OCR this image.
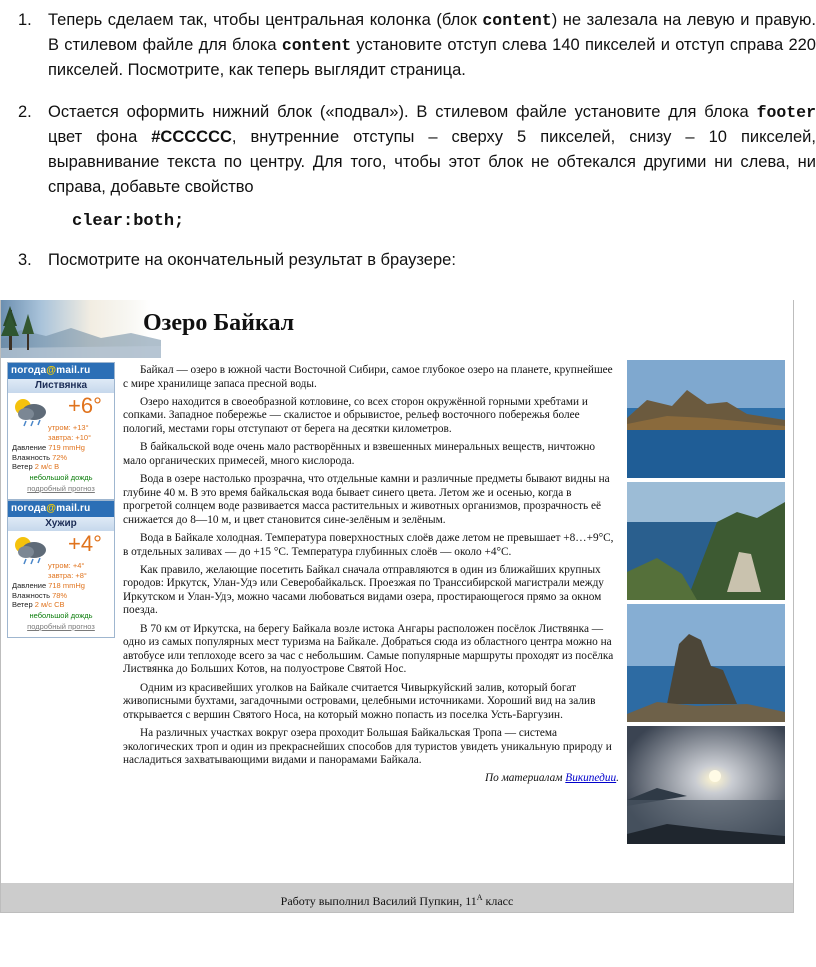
1. Теперь сделаем так, чтобы центральная колонка (блок content) не залезала на левую и правую. В стилевом файле для блока content установите отступ слева 140 пикселей и отступ справа 220 пикселей. Посмотрите, как теперь выглядит страница.
2. Остается оформить нижний блок («подвал»). В стилевом файле установите для блока footer цвет фона #CCCCCC, внутренние отступы – сверху 5 пикселей, снизу – 10 пикселей, выравнивание текста по центру. Для того, чтобы этот блок не обтекался другими ни слева, ни справа, добавьте свойство
clear:both;
3. Посмотрите на окончательный результат в браузере:
Озеро Байкал
погода@mail.ru
Листвянка
+6°
утром: +13°
завтра: +10°
Давление 719 mmHg
Влажность 72%
Ветер 2 м/с В
небольшой дождь
подробный прогноз
погода@mail.ru
Хужир
+4°
утром: +4°
завтра: +8°
Давление 718 mmHg
Влажность 78%
Ветер 2 м/с СВ
небольшой дождь
подробный прогноз

Байкал — озеро в южной части Восточной Сибири, самое глубокое озеро на планете, крупнейшее с мире хранилище запаса пресной воды.

Озеро находится в своеобразной котловине, со всех сторон окружённой горными хребтами и сопками. Западное побережье — скалистое и обрывистое, рельеф восточного побережья более пологий, местами горы отступают от берега на десятки километров.

В байкальской воде очень мало растворённых и взвешенных минеральных веществ, ничтожно мало органических примесей, много кислорода.

Вода в озере настолько прозрачна, что отдельные камни и различные предметы бывают видны на глубине 40 м. В это время байкальская вода бывает синего цвета. Летом же и осенью, когда в прогретой солнцем воде развивается масса растительных и животных организмов, прозрачность её снижается до 8—10 м, и цвет становится сине-зелёным и зелёным.

Вода в Байкале холодная. Температура поверхностных слоёв даже летом не превышает +8…+9°С, в отдельных заливах — до +15 °С. Температура глубинных слоёв — около +4°С.

Как правило, желающие посетить Байкал сначала отправляются в один из ближайших крупных городов: Иркутск, Улан-Удэ или Северобайкальск. Проезжая по Транссибирской магистрали между Иркутском и Улан-Удэ, можно часами любоваться видами озера, простирающегося прямо за окном поезда.

В 70 км от Иркутска, на берегу Байкала возле истока Ангары расположен посёлок Листвянка — одно из самых популярных мест туризма на Байкале. Добраться сюда из областного центра можно на автобусе или теплоходе всего за час с небольшим. Самые популярные маршруты проходят из посёлка Листвянка до Больших Котов, на полуострове Святой Нос.

Одним из красивейших уголков на Байкале считается Чивыркуйский залив, который богат живописными бухтами, загадочными островами, целебными источниками. Хороший вид на залив открывается с вершин Святого Носа, на который можно попасть из поселка Усть-Баргузин.

На различных участках вокруг озера проходит Большая Байкальская Тропа — система экологических троп и один из прекраснейших способов для туристов увидеть уникальную природу и насладиться захватывающими видами и панорамами Байкала.

По материалам Википедии.

Работу выполнил Василий Пупкин, $11^А$ класс
